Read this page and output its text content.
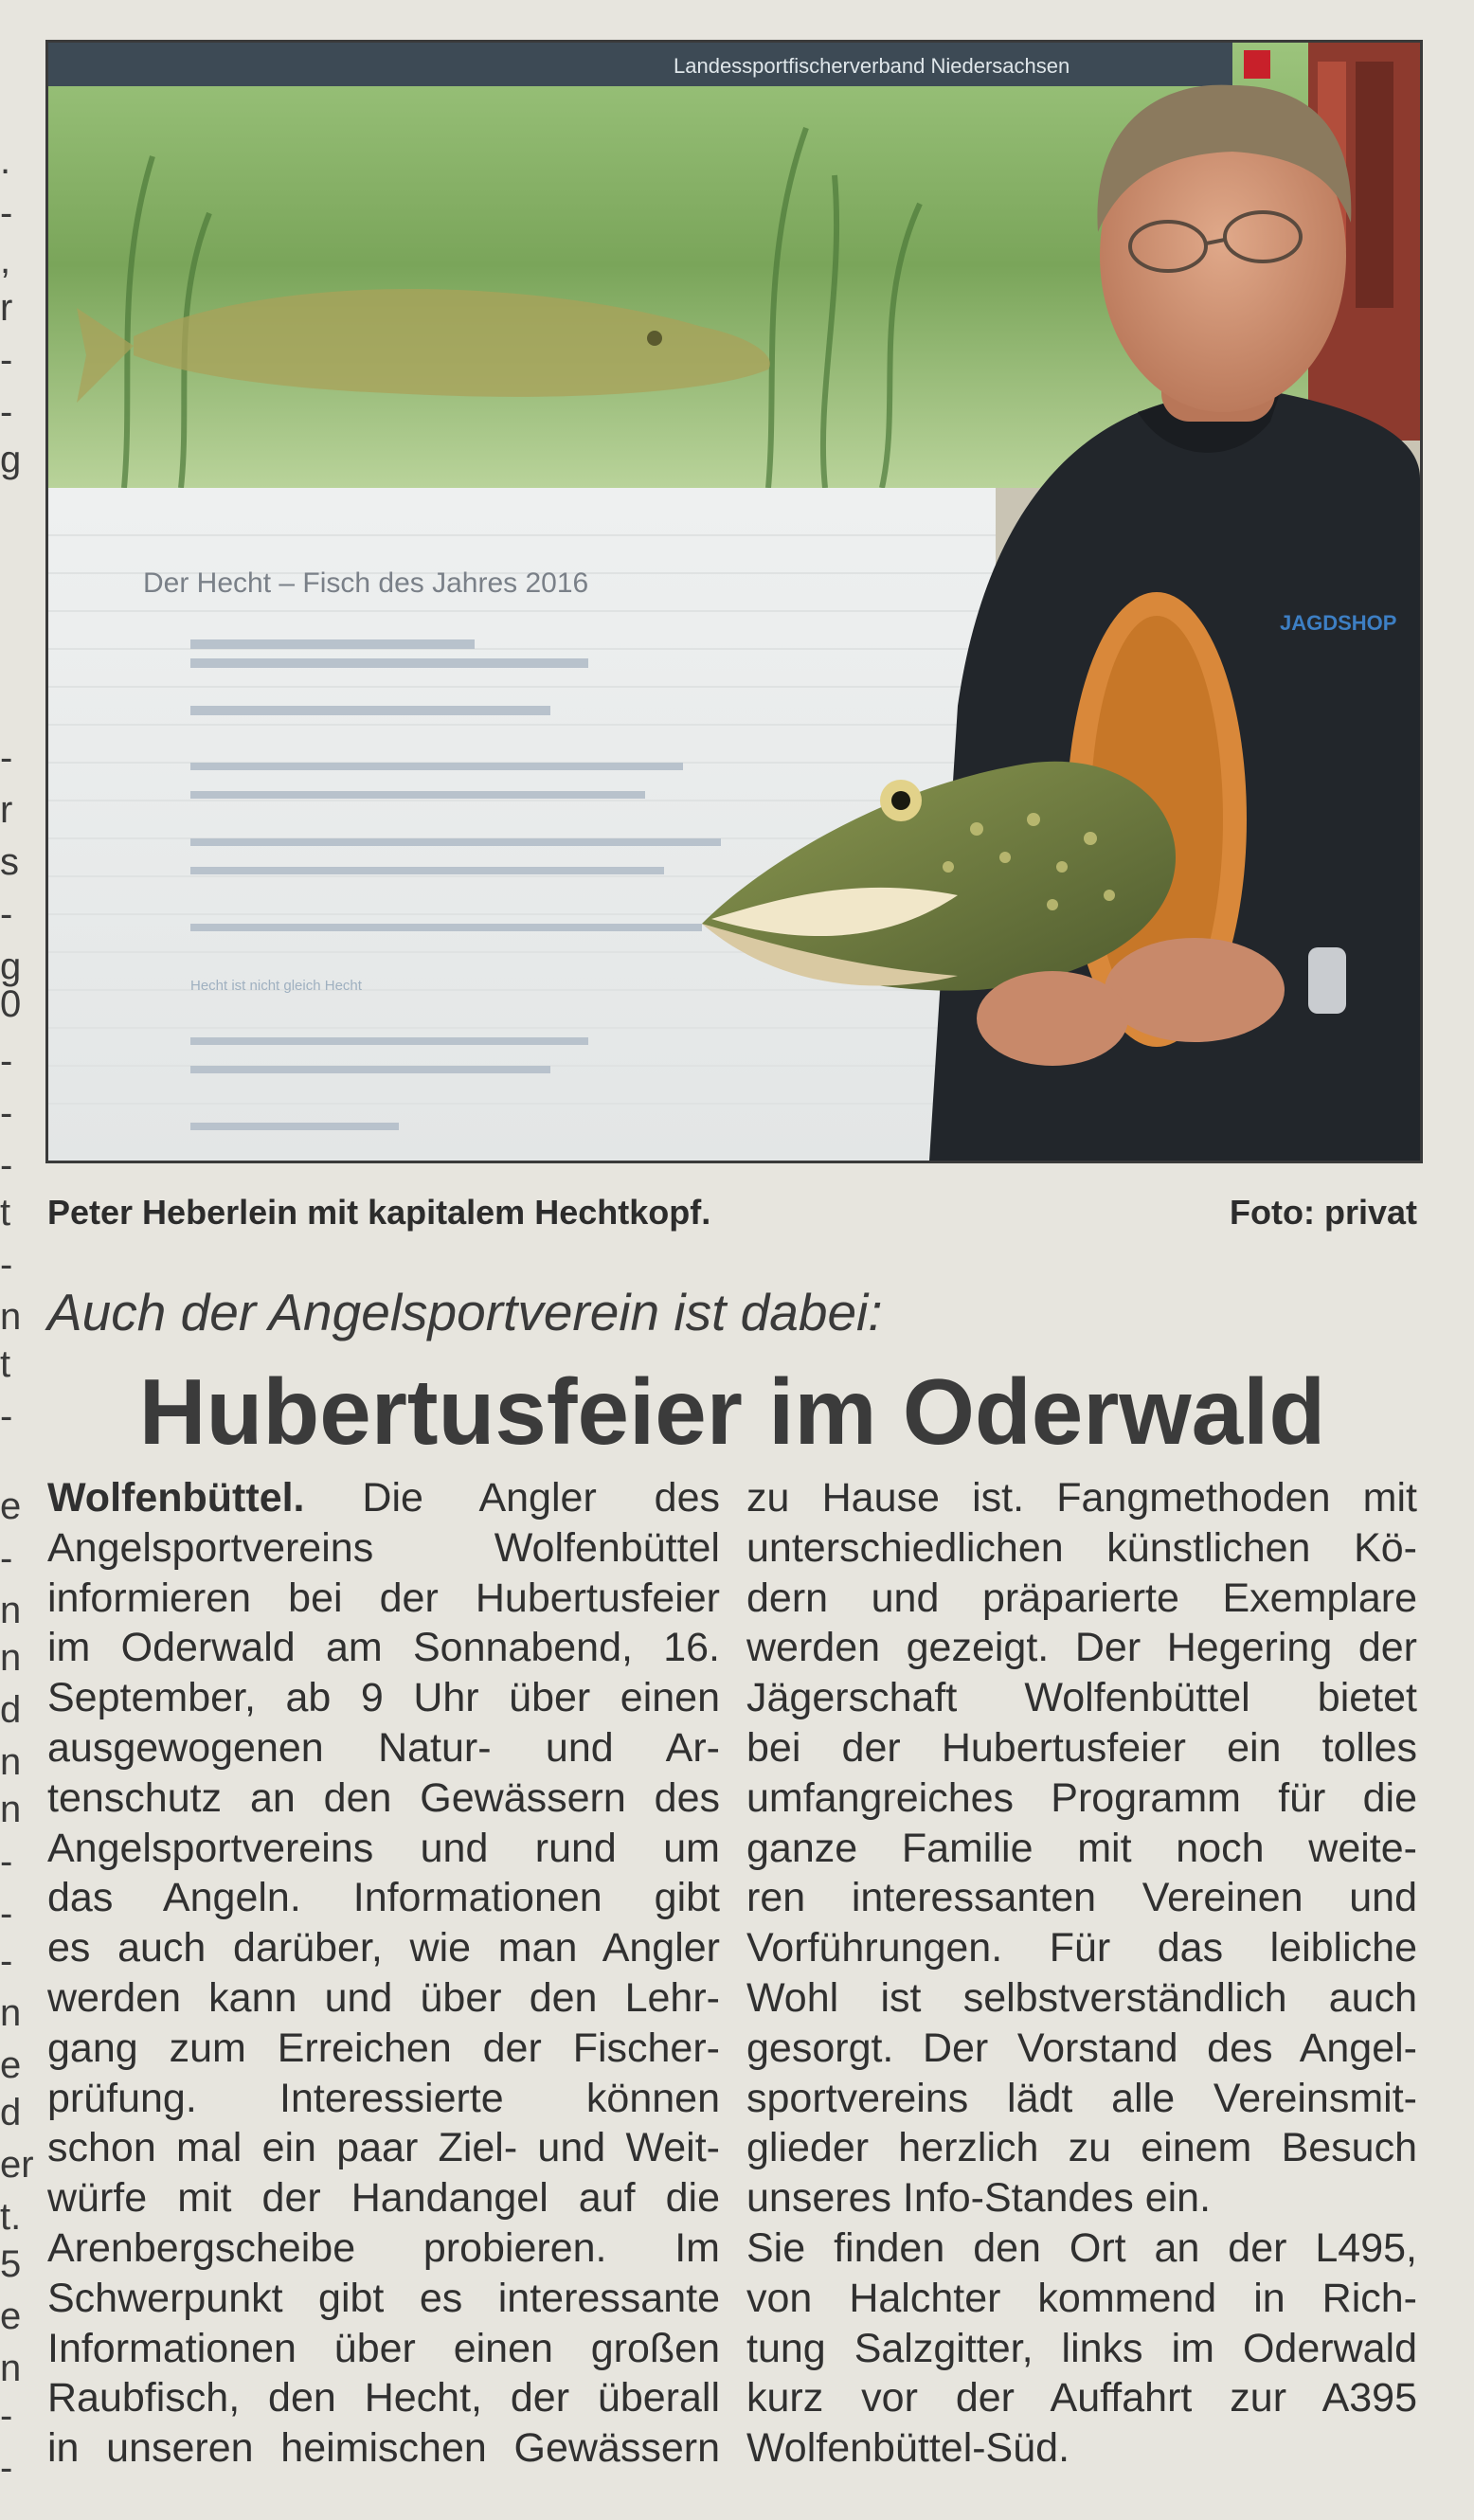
.
-
,
r
-
-
g
-
r
s
-
g
0
-
-
-
t
-
n
t
-
e
-
n
n
d
n
n
-
-
-
n
e
d
er
t.
5
e
n
-
-
Landessportfischerverband Niedersachsen
Der Hecht – Fisch des Jahres 2016
Hecht ist nicht gleich Hecht
JAGDSHOP
Peter Heberlein mit kapitalem Hechtkopf.	Foto: privat
Auch der Angelsportverein ist dabei:
Hubertusfeier im Oderwald
Wolfenbüttel. Die Angler des
Angelsportvereins Wolfenbüttel
informieren bei der Hubertusfeier
im Oderwald am Sonnabend, 16.
September, ab 9 Uhr über einen
ausgewogenen Natur- und Ar-
tenschutz an den Gewässern des
Angelsportvereins und rund um
das Angeln. Informationen gibt
es auch darüber, wie man Angler
werden kann und über den Lehr-
gang zum Erreichen der Fischer-
prüfung. Interessierte können
schon mal ein paar Ziel- und Weit-
würfe mit der Handangel auf die
Arenbergscheibe probieren. Im
Schwerpunkt gibt es interessante
Informationen über einen großen
Raubfisch, den Hecht, der überall
in unseren heimischen Gewässern
zu Hause ist. Fangmethoden mit
unterschiedlichen künstlichen Kö-
dern und präparierte Exemplare
werden gezeigt. Der Hegering der
Jägerschaft Wolfenbüttel bietet
bei der Hubertusfeier ein tolles
umfangreiches Programm für die
ganze Familie mit noch weite-
ren interessanten Vereinen und
Vorführungen. Für das leibliche
Wohl ist selbstverständlich auch
gesorgt. Der Vorstand des Angel-
sportvereins lädt alle Vereinsmit-
glieder herzlich zu einem Besuch
unseres Info-Standes ein.
Sie finden den Ort an der L495,
von Halchter kommend in Rich-
tung Salzgitter, links im Oderwald
kurz vor der Auffahrt zur A395
Wolfenbüttel-Süd.
